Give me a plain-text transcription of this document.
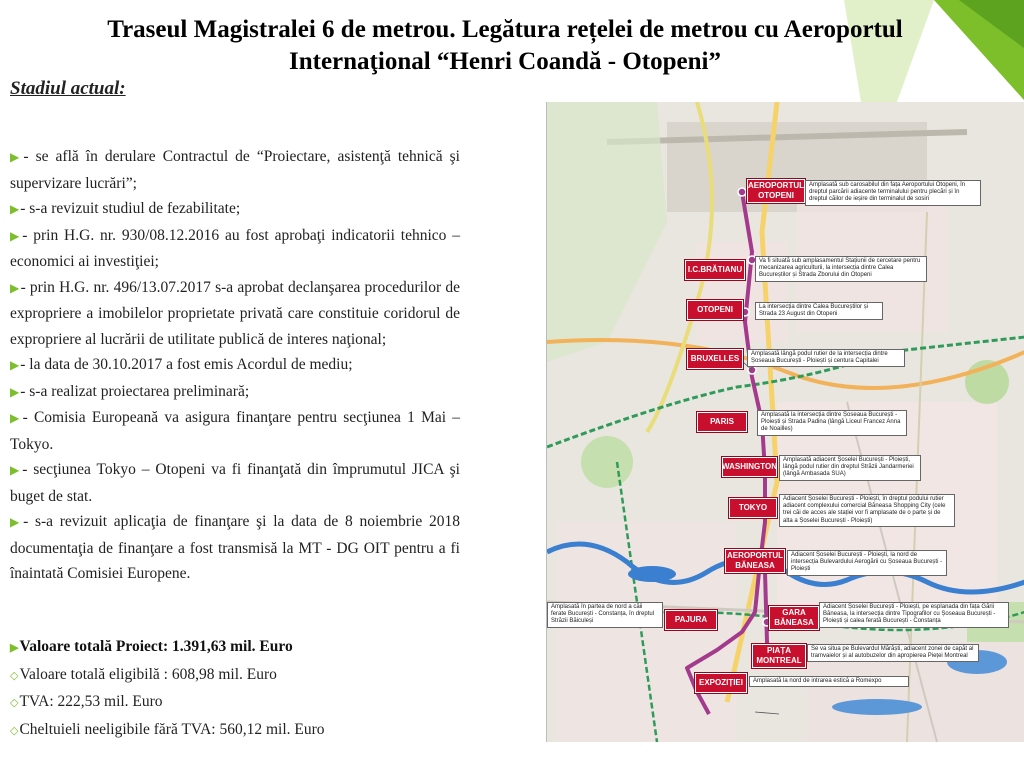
Traseul Magistralei 6 de metrou. Legătura rețelei de metrou cu Aeroportul
Internaţional “Henri Coandă - Otopeni”
Stadiul actual:
▶- se află în derulare Contractul de “Proiectare, asistenţă tehnică şi supervizare lucrări”;
▶- s-a revizuit studiul de fezabilitate;
▶- prin H.G. nr. 930/08.12.2016 au fost aprobaţi indicatorii tehnico – economici ai investiţiei;
▶- prin H.G. nr. 496/13.07.2017 s-a aprobat declanşarea procedurilor de expropriere a imobilelor proprietate privată care constituie coridorul de expropriere al lucrării de utilitate publică de interes naţional;
▶- la data de 30.10.2017 a fost emis Acordul de mediu;
▶- s-a realizat proiectarea preliminară;
▶- Comisia Europeană va asigura finanţare pentru secţiunea 1 Mai – Tokyo.
▶- secţiunea Tokyo – Otopeni va fi finanţată din împrumutul JICA şi buget de stat.
▶- s-a revizuit aplicaţia de finanţare şi la data de 8 noiembrie 2018 documentaţia de finanţare a fost transmisă la MT - DG OIT pentru a fi înaintată Comisiei Europene.
▶Valoare totală Proiect: 1.391,63 mil. Euro
◇Valoare totală eligibilă : 608,98 mil. Euro
◇TVA: 222,53 mil. Euro
◇Cheltuieli neeligibile fără TVA: 560,12 mil. Euro
AEROPORTUL
OTOPENI
I.C.BRĂTIANU
OTOPENI
BRUXELLES
PARIS
WASHINGTON
TOKYO
AEROPORTUL
BĂNEASA
PAJURA
GARA
BĂNEASA
PIAȚA
MONTREAL
EXPOZIȚIEI
Amplasată sub carosabilul din fața Aeroportului Otopeni, în dreptul parcării adiacente terminalului pentru plecări și în dreptul căilor de ieșire din terminalul de sosiri
Va fi situată sub amplasamentul Stațiunii de cercetare pentru mecanizarea agriculturii, la intersecția dintre Calea Bucureștilor și Strada Zborului din Otopeni
La intersecția dintre Calea Bucureștilor și Strada 23 August din Otopeni
Amplasată lângă podul rutier de la intersecția dintre Șoseaua București - Ploiești și centura Capitalei
Amplasată la intersecția dintre Șoseaua București - Ploiești și Strada Padina (lângă Liceul Francez Anna de Noailles)
Amplasată adiacent Șoselei București - Ploiești, lângă podul rutier din dreptul Străzii Jandarmeriei (lângă Ambasada SUA)
Adiacent Șoselei București - Ploiești, în dreptul podului rutier adiacent complexului comercial Băneasa Shopping City (cele trei căi de acces ale stației vor fi amplasate de o parte și de alta a Șoselei București - Ploiești)
Adiacent Șoselei București - Ploiești, la nord de intersecția Bulevardului Aerogării cu Șoseaua București - Ploiești
Amplasată în partea de nord a căii ferate București - Constanța, în dreptul Străzii Băiculeși
Adiacent Șoselei București - Ploiești, pe esplanada din fața Gării Băneasa, la intersecția dintre Tipografilor cu Șoseaua București - Ploiești și calea ferată București - Constanța
Se va situa pe Bulevardul Mărăști, adiacent zonei de capăt al tramvaielor și al autobuzelor din apropierea Pieței Montreal
Amplasată la nord de intrarea estică a Romexpo
